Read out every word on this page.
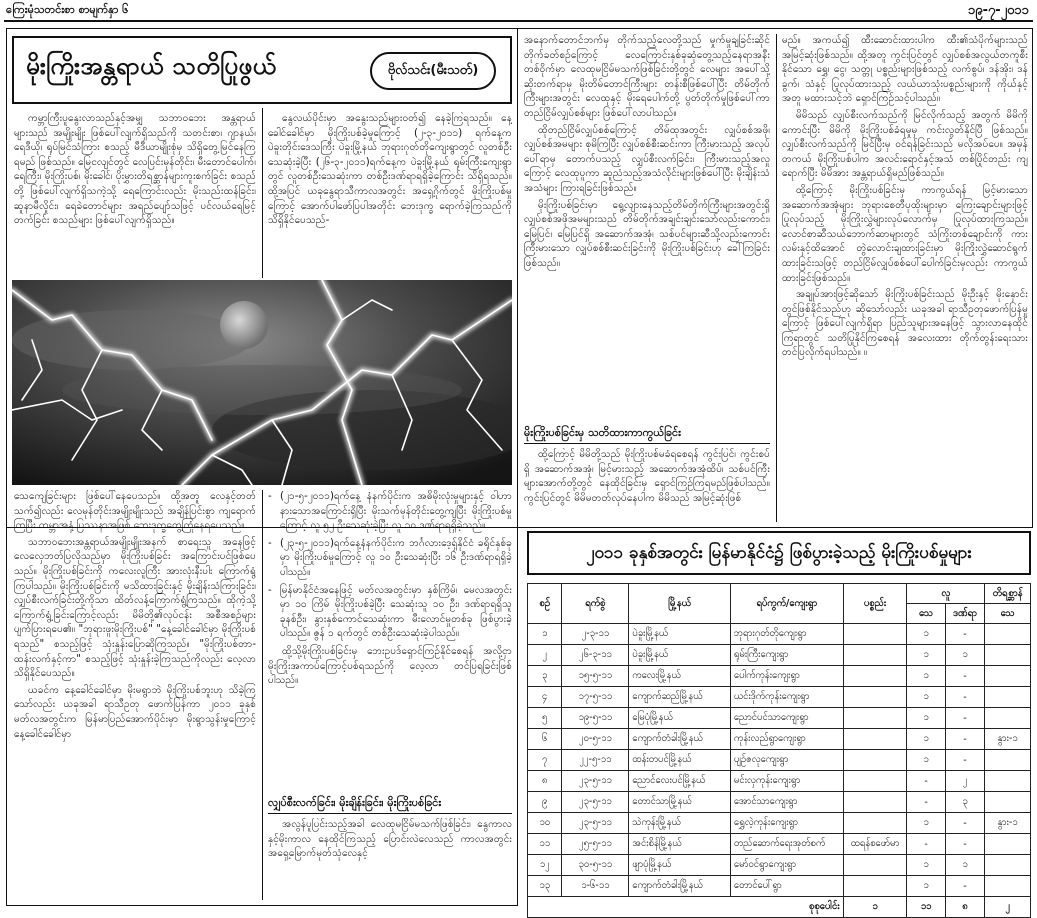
ကြေးမုံသတင်းစာ စာမျက်နှာ ၆	၁၉-၇-၂၀၁၁
မိုးကြိုးအန္တရာယ် သတိပြုဖွယ်	ဗိုလ်သင်း(မီးသတ်)

ကမ္ဘာကြီးပူနွေးလာသည်နှင့်အမျှ သဘာဝဘေး အန္တရာယ်များသည် အမျိုးမျိုး ဖြစ်ပေါ်လျက်ရှိသည်ကို သတင်းစာ၊ ဂျာနယ်၊ ရေဒီယို၊ ရုပ်မြင်သံကြား စသည့် မီဒီယာမျိုးစုံမှ သိရှိတွေ့မြင်နေကြရမည် ဖြစ်သည်။ မြေငလျင်တွင် လေပြင်းမုန်တိုင်း၊ မီးတောင်ပေါက်၊ ရေကြီး၊ မိုးကြိုးပစ်၊ မိုးခေါင်၊ ပိုးမွှားတိရစ္ဆာန်များကူးစက်ခြင်း စသည်တို့ ဖြစ်ပေါ်လျက်ရှိသကဲ့သို့ ရေကြောင်းလည်း မိုးသည်းထန်ခြင်း၊ ဆူနာမီလှိုင်း၊ ရေခဲတောင်များ အရည်ပျော်သဖြင့် ပင်လယ်ရေမြင့်တက်ခြင်း စသည်များ ဖြစ်ပေါ်လျက်ရှိသည်။

နွေလယ်ပိုင်းမှာ အနွေးသည်များဝတ်၍ နေခဲ့ကြရသည်။ နေ့ခေါင်ခေါင်မှာ မိုးကြိုးပစ်ခဲ့မှုကြောင့် (၂-၃-၂၀၁၁) ရက်နေ့က ပဲခူးတိုင်းဒေသကြီး ပဲခူးမြို့နယ် ဘုရားဂုတ်တိုကျေးရွာတွင် လူတစ်ဦးသေဆုံးခဲ့ပြီး (၂၆-၃-၂၀၁၁)ရက်နေ့က ပဲခူးမြို့နယ် ရုမ်းကြီးကျေးရွာတွင် လူတစ်ဦးသေဆုံးကာ တစ်ဦးဒဏ်ရာရရှိခဲ့ကြောင်း သိရှိရသည်။ ထို့အပြင် ယခုနွေရာသီကာလအတွင်း အရှေ့ဂိုက်တွင် မိုးကြိုးပစ်မှုကြောင့် အောက်ပါဖော်ပြပါအတိုင်း ဘေးဒုက္ခ ရောက်ခဲ့ကြသည်ကို သိရှိနိုင်ပေသည်-

သေကျေခြင်းများ ဖြစ်ပေါ်နေပေသည်။ ထို့အတူ လေနှင့်တတ်သက်၍လည်း လေမုန်တိုင်းအမျိုးမျိုးသည် အချိန်ပြင်းစွာ ကျရောက်ကြပြီး ကမ္ဘာအနှံ့ ပြဿနာအဖြစ် ဘေးဒုက္ခတွေ့ကြုံနေရပေသည်။

သဘာဝဘေးအန္တရာယ်အမျိုးမျိုးအနက် စာရေးသူ အနေဖြင့် လေလှေဘတ်ပြလိုသည်မှာ မိုးကြိုးပစ်ခြင်း အကြောင်းပင်ဖြစ်ပေသည်။ မိုးကြိုးပစ်ခြင်းကို ကလေးလူကြီး အားလုံးနီးပါး ကြောက်ရွံ့ကြပါသည်။ မိုးကြိုးပစ်ခြင်းကို မသိထားခြင်းနှင့် မိုးချိန်းသံကြားခြင်း၊ လျှပ်စီးလက်ခြင်းတို့ကိုသာ ထိတ်လန့်ကြောက်ရွံ့ကြသည်။ ထိုကဲ့သို့ ကြောက်ရွံ့ခြင်းကြောင့်လည်း မိမိတို့၏လုပ်ငန်း အစီအစဉ်များ ပျက်ပြားရပေ၏။ "ဘုရားဖူးမိုးကြိုးပစ်" "နေ့ခေါင်ခေါင်မှာ မိုးကြိုးပစ်ရသည်" စသည့်ဖြင့် သုံးနှုန်းပြောဆိုကြသည်။ "မိုးကြိုးပစ်တာ-ထန်းလက်နှင့်ကာ" စသည့်ဖြင့် သုံးနှုန်းခဲ့ကြသည်ကိုလည်း လေ့လာသိရှိနိုင်ပေသည်။

ယခင်က နေ့ခေါင်ခေါင်မှာ မိုးမရွာဘဲ မိုးကြိုးပစ်ဘူးဟု သိခဲ့ကြသော်လည်း ယခုအခါ ရာသီဥတု ဖောက်ပြန်ကာ ၂၀၁၁ ခုနှစ် မတ်လအတွင်းက မြန်မာပြည်အောက်ပိုင်းမှာ မိုးရွာသွန်းမှုကြောင့် နေ့ခေါင်ခေါင်မှာ

- (၂၁-၅-၂၀၁၁)ရက်နေ့ နံနက်ပိုင်းက အဓိမိုးလုံးမှုများနှင့် ဝါဟာနားသောအကြောင်းရှိပြီး မိုးသက်မုန်တိုင်းတွေ့ကျပြီး မိုးကြိုးပစ်မှုကြောင့် လူ ၅၂ ဦးသေဆုံးခဲ့ပြီး လူ ၁၀ ဒဏ်ရာရရှိခဲ့သည်။
- (၂၃-၅-၂၀၁၁)ရက်နေ့နံနက်ပိုင်းက ဘင်္ဂလားဒေ့ရှ်နိုင်ငံ ခရိုင်နှစ်ခုမှာ မိုးကြိုးပစ်မှုကြောင့် လူ ၁၀ ဦးသေဆုံးပြီး ၁၆ ဦးဒဏ်ရာရရှိခဲ့ပါသည်။
- မြန်မာနိုင်ငံအနေဖြင့် မတ်လအတွင်းမှာ နှစ်ကြိမ်၊ မေလအတွင်းမှာ ၁၀ ကြိမ် မိုးကြိုးပစ်ခဲ့ပြီး သေဆုံးသူ ၁၀ ဦး၊ ဒဏ်ရာရရှိသူ ခုနစ်ဦး၊ နွားနှစ်ကောင်သေဆုံးကာ မီးလောင်မှုတစ်ခု ဖြစ်ပွားခဲ့ပါသည်။ ဇွန် ၁ ရက်တွင် တစ်ဦးသေဆုံးခဲ့ပါသည်။

ထို့သို့မိုးကြိုးပစ်ခြင်းမှ ဘေးဥပဒ်ရှောင်ကြဉ်နိုင်စေရန် အလို့ငှာ မိုးကြိုးအကာပ်ကြောင့်ပစ်ရသည်ကို လေ့လာ တင်ပြရခြင်းဖြစ်ပါသည်။

လျှပ်စီးလက်ခြင်း၊ မိုးချိန်းခြင်း၊ မိုးကြိုးပစ်ခြင်း

အလွန်ပူပြင်းသည့်အခါ လေထုမငြိမ်မသက်ဖြစ်ခြင်း၊ နွေကာလနှင့်မိုးကာလ နေထိုင်ကြသည့် ပြောင်းလဲလေသည် ကာလအတွင်း အရှေ့မြောက်မုတ်သုံလေနှင့်

အနောက်တောင်ဘက်မှ တိုက်သည့်လေတို့သည် မှုက်မှုချခြင်းဆိုင် တိုက်ခတ်စဉ်ကြောင့် လေကြောင်းနှစ်ခုဆုံတွေ့သည့်နေရာအနီးတစ်ဝိုက်မှာ လေထုမငြိမ်မသက်ဖြစ်ခြင်းတို့တွင် လေများ အပေါ်သို့ဆိုးတက်ရာမှ မိုးတိမ်တောင်ကြီးများ တန်းစီဖြစ်ပေါ်ပြီး တိမ်တိုက်ကြီးများအတွင်း လေထုနှင့် မိုးရေပေါက်တို့ ပွတ်တိုက်မှုဖြစ်ပေါ်ကာ တည်ငြိမ်လျှပ်စစ်များ ဖြစ်ပေါ်လာပါသည်။

ထိုတည်ငြိမ်လျှပ်စစ်ကြောင့် တိမ်ထုအတွင်း လျှပ်စစ်အဖို၊ လျှပ်စစ်အမများ စုမိကြပြီး လျှပ်စစ်စီးဆင်းကာ ကြီးမားသည့် အလုပ်ပေါ်ရာမှ တောက်ပသည့် လျှပ်စီးလက်ခြင်း၊ ကြီးမားသည့်အလှုကြောင့် လေထုပူကာ ဆူညံသည့်အသံလိုင်းများဖြစ်ပေါ်ပြီး မိုးချိန်းသံအသံများ ကြားရခြင်းဖြစ်သည်။

မိုးကြိုးပစ်ခြင်းမှာ ရွေ့လျားနေသည့်တိမ်တိုက်ကြီးများအတွင်းရှိ လျှပ်စစ်အဖိုအမများသည် တိမ်တိုက်အချင်းချင်းသော်လည်းကောင်း၊ မြေပြင်၊ မြေပြင်ရှိ အဆောက်အအုံ၊ သစ်ပင်များဆီသို့လည်းကောင်း ကြီးမားသော လျှပ်စစ်စီးဆင်းခြင်းကို မိုးကြိုးပစ်ခြင်းဟု ခေါ်ကြခြင်းဖြစ်သည်။

မိုးကြိုးပစ်ခြင်းမှ သတိထားကာကွယ်ခြင်း

ထို့ကြောင့် မိမိတို့သည် မိုးကြိုးပစ်မခံရစေရန် ကွင်းပြင်၊ ကွင်းစပ်ရှိ အဆောက်အအုံ၊ မြင့်မားသည့် အဆောက်အအုံထိပ်၊ သစ်ပင်ကြီးများအောက်တို့တွင် နေထိုင်ခြင်းမှ ရှောင်ကြဉ်ကြရမည်ဖြစ်ပါသည်။ ကွင်းပြင်တွင် မိမိမတတ်လုပ်နေပါက မိမိသည် အမြင့်ဆုံးဖြစ်

မည်။ အကယ်၍ ထီးဆောင်းထားပါက ထီး၏သံပိုက်များသည် အမြင့်ဆုံးဖြစ်သည်။ ထို့အတူ ကွင်းပြင်တွင် လျှပ်စစ်အလွယ်တကူစီးနိုင်သော ရွှေ၊ ငွေ၊ သတ္တု ပစ္စည်းများဖြစ်သည့် လက်စွပ်၊ ဒန်အိုး၊ ဒန်ခွက်၊ သံနှင့် ပြုလုပ်ထားသည့် လယ်ယာသုံးပစ္စည်းများကို ကိုယ်နှင့်အတူ မထားသင့်ဘဲ ရှောင်ကြဉ်သင့်ပါသည်။

မိမိသည် လျှပ်စီးလက်သည်ကို မြင်လိုက်သည့် အတွက် မိမိကိုကောင်းပြီး မိမိကို မိုးကြိုးပစ်ခံရမှုမှ ကင်းလွတ်နိုင်ပြီ ဖြစ်သည်။ လျှပ်စီးလက်သည်ကို မြင်ပြီးမှ ဝင်ရန်ခြင်းသည် မလိုအပ်ပေ။ အမှန်တကယ် မိုးကြိုးပစ်ပါက အလင်းရောင်နှင့်အသံ တစ်ပြိုင်တည်း ကျရောက်ပြီး မိမိအား အန္တရာယ်ရှိမည်ဖြစ်သည်။

ထို့ကြောင့် မိုးကြိုးပစ်ခြင်းမှ ကာကွယ်ရန် မြင့်မားသော အဆောက်အအုံများ ဘုရားစေတီပုထိုးများမှာ ကြေးချောင်းများဖြင့် ပြုလုပ်သည့် မိုးကြိုးလွှဲများလုပ်လောက်မှ ပြုလုပ်ထားကြသည်။ လောင်စာဆီသယ်ဘောက်ဆာများတွင် သံကြိုးတစ်ချောင်းကို ကားလမ်းနှင့်ထိအောင် တွဲလောင်းချထားခြင်းမှာ မိုးကြိုးလွှဲဆောင်ရွက်ထားခြင်းသဖြင့် တည်ငြိမ်လျှပ်စစ်ပေါ်ပေါက်ခြင်းမှလည်း ကာကွယ်ထားခြင်းဖြစ်သည်။

အချုပ်အားဖြင့်ဆိုသော် မိုးကြိုးပစ်ခြင်းသည် မိုးဦးနှင့် မိုးနှောင်းတွင်ဖြစ်နိုင်သည်ဟု ဆိုသော်လည်း ယခုအခါ ရာသီဥတုဖောက်ပြန်မှုကြောင့် ဖြစ်ပေါ်လျက်ရှိရာ ပြည်သူများအနေဖြင့် သွားလာနေထိုင်ကြရာတွင် သတိပြုနိုင်ကြစေရန် အလေးထား တိုက်တွန်းရေးသားတင်ပြလိုက်ရပါသည်။ ။

၂၀၁၁ ခုနှစ်အတွင်း မြန်မာနိုင်ငံ၌ ဖြစ်ပွားခဲ့သည့် မိုးကြိုးပစ်မှုများ
စဉ်	ရက်စွဲ	မြို့နယ်	ရပ်ကွက်/ကျေးရွာ	ပစ္စည်း	လူ		တိရစ္ဆာန်
					သေ	ဒဏ်ရာ	သေ
၁	၂-၃-၁၁	ပဲခူးမြို့နယ်	ဘုရားဂုတ်တိုကျေးရွာ		၁	-	
၂	၂၆-၃-၁၁	ပဲခူးမြို့နယ်	ရုမ်းကြီးကျေးရွာ		၁	၁	
၃	၁၅-၅-၁၁	ကလေးမြို့နယ်	ပေါက်ကုန်းကျေးရွာ		၁	-	
၄	၁၇-၅-၁၁	ကျောက်ဆည်မြို့နယ်	ယင်းဒိုက်ကုန်းကျေးရွာ		၁	-	
၅	၁၉-၅-၁၁	မြေပုံမြို့နယ်	ညောင်ပင်သာကျေးရွာ		၁	-	
၆	၂၀-၅-၁၁	ကျောက်တံခါးမြို့နယ်	ကုန်းလည်ရွာကျေးရွာ		၁	-	နွား-၁
၇	၂၂-၅-၁၁	ထန်းတပင်မြို့နယ်	ပျဉ်ဇလုကျေးရွာ		၁	-	
၈	၂၃-၅-၁၁	ညောင်လေးပင်မြို့နယ်	မင်းလှကုန်းကျေးရွာ		-	၂	
၉	၂၃-၅-၁၁	တောင်သာမြို့နယ်	အောင်သာကျေးရွာ		-	၃	
၁၀	၂၃-၅-၁၁	သဲကုန်းမြို့နယ်	ရွှေလဲ့ကုန်းကျေးရွာ		၁	-	နွား-၁
၁၁	၂၅-၅-၁၁	အင်းစိန်မြို့နယ်	တည်ဆောက်ရေးအုတ်စက်	ထရန်စဖော်မာ	-	-	
၁၂	၃၀-၅-၁၁	ဖျာပုံမြို့နယ်	မော်ဝင်ရွာကျေးရွာ		၁	၁	
၁၃	၁-၆-၁၁	ကျောက်တံခါးမြို့နယ်	တောင်ပေါ်ရွာ		၁	-	
စုစုပေါင်း				၁	၁၁	၈	၂
